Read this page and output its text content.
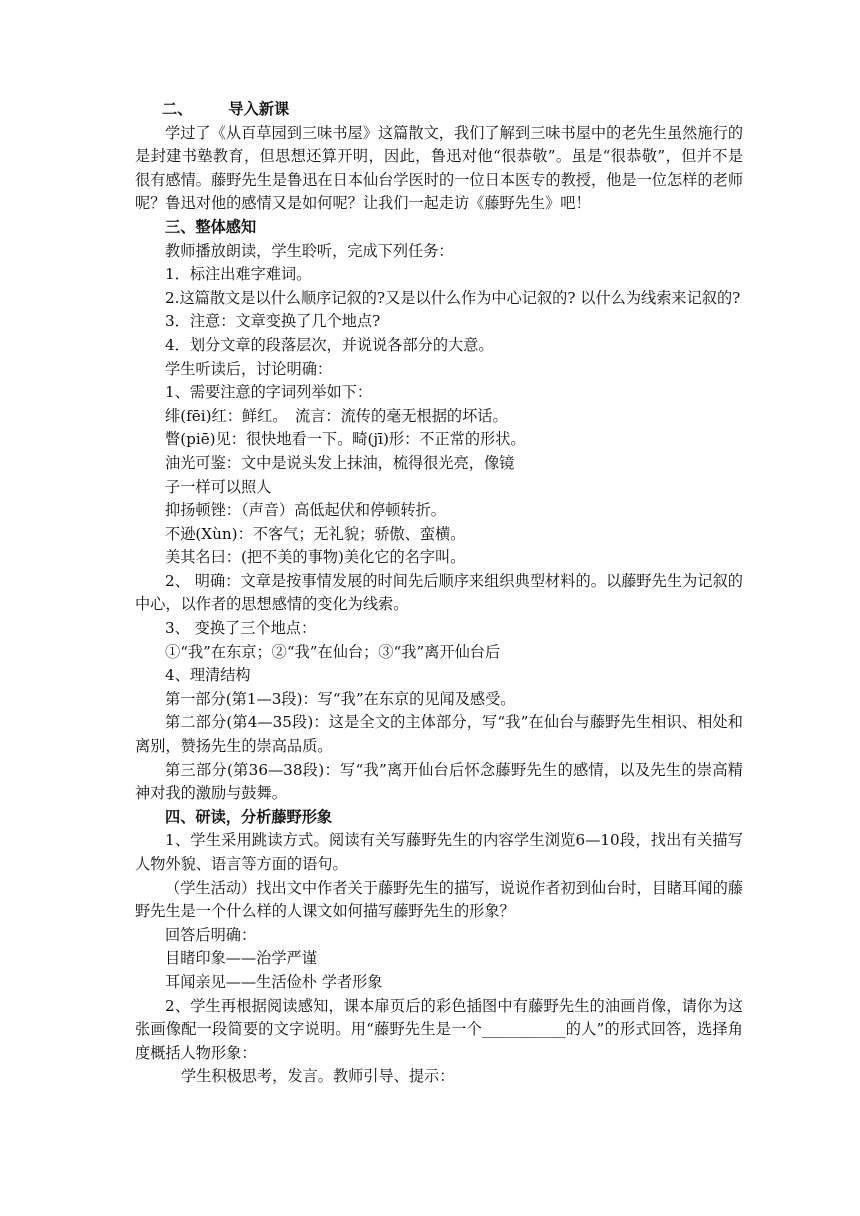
二、 导入新课

学过了《从百草园到三味书屋》这篇散文，我们了解到三味书屋中的老先生虽然施行的是封建书塾教育，但思想还算开明，因此，鲁迅对他“很恭敬”。虽是“很恭敬”，但并不是很有感情。藤野先生是鲁迅在日本仙台学医时的一位日本医专的教授，他是一位怎样的老师呢？鲁迅对他的感情又是如何呢？让我们一起走访《藤野先生》吧！

三、整体感知

教师播放朗读，学生聆听，完成下列任务：

1．标注出难字难词。

2.这篇散文是以什么顺序记叙的?又是以什么作为中心记叙的? 以什么为线索来记叙的?

3．注意：文章变换了几个地点?

4．划分文章的段落层次，并说说各部分的大意。

学生听读后，讨论明确：

1、需要注意的字词列举如下：

绯(fēi)红：鲜红。　流言：流传的毫无根据的坏话。

瞥(piē)见：很快地看一下。畸(jī)形：不正常的形状。

油光可鉴：文中是说头发上抹油，梳得很光亮，像镜

子一样可以照人

抑扬顿锉：（声音）高低起伏和停顿转折。

不逊(Xùn)：不客气；无礼貌；骄傲、蛮横。

美其名曰：(把不美的事物)美化它的名字叫。

2、 明确：文章是按事情发展的时间先后顺序来组织典型材料的。以藤野先生为记叙的中心，以作者的思想感情的变化为线索。

3、 变换了三个地点：

①“我”在东京；②“我”在仙台；③“我”离开仙台后

4、理清结构

第一部分(第1—3段)：写“我”在东京的见闻及感受。

第二部分(第4—35段)：这是全文的主体部分，写“我”在仙台与藤野先生相识、相处和离别，赞扬先生的崇高品质。

第三部分(第36—38段)：写“我”离开仙台后怀念藤野先生的感情，以及先生的崇高精神对我的激励与鼓舞。

四、研读，分析藤野形象

1、学生采用跳读方式。阅读有关写藤野先生的内容学生浏览6—10段，找出有关描写人物外貌、语言等方面的语句。

（学生活动）找出文中作者关于藤野先生的描写，说说作者初到仙台时，目睹耳闻的藤野先生是一个什么样的人课文如何描写藤野先生的形象？

回答后明确：

目睹印象——治学严谨

耳闻亲见——生活俭朴 学者形象

2、学生再根据阅读感知，课本扉页后的彩色插图中有藤野先生的油画肖像，请你为这张画像配一段简要的文字说明。用“藤野先生是一个___________的人”的形式回答，选择角度概括人物形象：

学生积极思考，发言。教师引导、提示：
